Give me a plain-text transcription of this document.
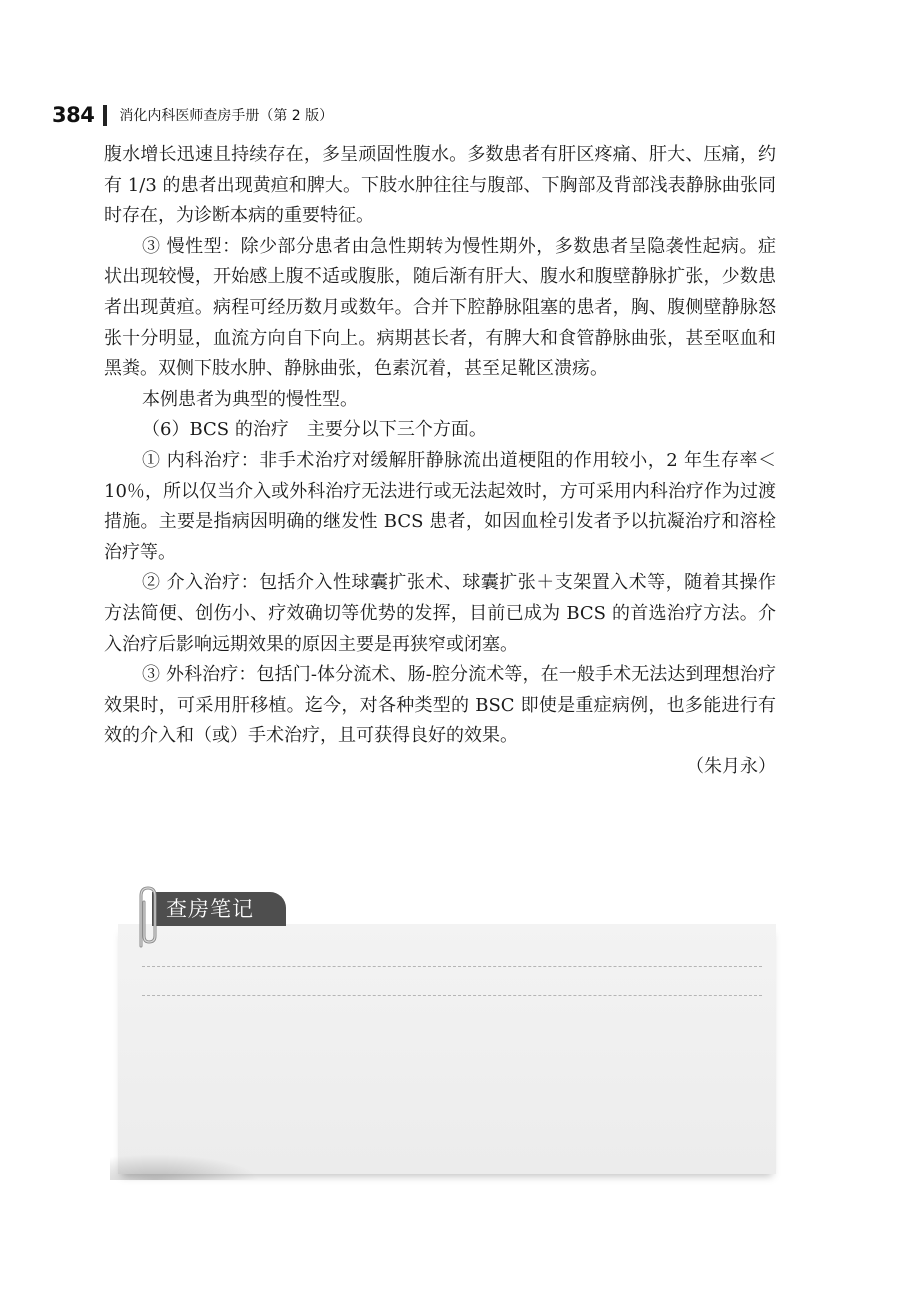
384 消化内科医师查房手册（第 2 版）

腹水增长迅速且持续存在，多呈顽固性腹水。多数患者有肝区疼痛、肝大、压痛，约有 1/3 的患者出现黄疸和脾大。下肢水肿往往与腹部、下胸部及背部浅表静脉曲张同时存在，为诊断本病的重要特征。

③ 慢性型：除少部分患者由急性期转为慢性期外，多数患者呈隐袭性起病。症状出现较慢，开始感上腹不适或腹胀，随后渐有肝大、腹水和腹壁静脉扩张，少数患者出现黄疸。病程可经历数月或数年。合并下腔静脉阻塞的患者，胸、腹侧壁静脉怒张十分明显，血流方向自下向上。病期甚长者，有脾大和食管静脉曲张，甚至呕血和黑粪。双侧下肢水肿、静脉曲张，色素沉着，甚至足靴区溃疡。

本例患者为典型的慢性型。

（6）BCS 的治疗　主要分以下三个方面。

① 内科治疗：非手术治疗对缓解肝静脉流出道梗阻的作用较小，2 年生存率＜10％，所以仅当介入或外科治疗无法进行或无法起效时，方可采用内科治疗作为过渡措施。主要是指病因明确的继发性 BCS 患者，如因血栓引发者予以抗凝治疗和溶栓治疗等。

② 介入治疗：包括介入性球囊扩张术、球囊扩张＋支架置入术等，随着其操作方法简便、创伤小、疗效确切等优势的发挥，目前已成为 BCS 的首选治疗方法。介入治疗后影响远期效果的原因主要是再狭窄或闭塞。

③ 外科治疗：包括门-体分流术、肠-腔分流术等，在一般手术无法达到理想治疗效果时，可采用肝移植。迄今，对各种类型的 BSC 即使是重症病例，也多能进行有效的介入和（或）手术治疗，且可获得良好的效果。

（朱月永）

查房笔记
